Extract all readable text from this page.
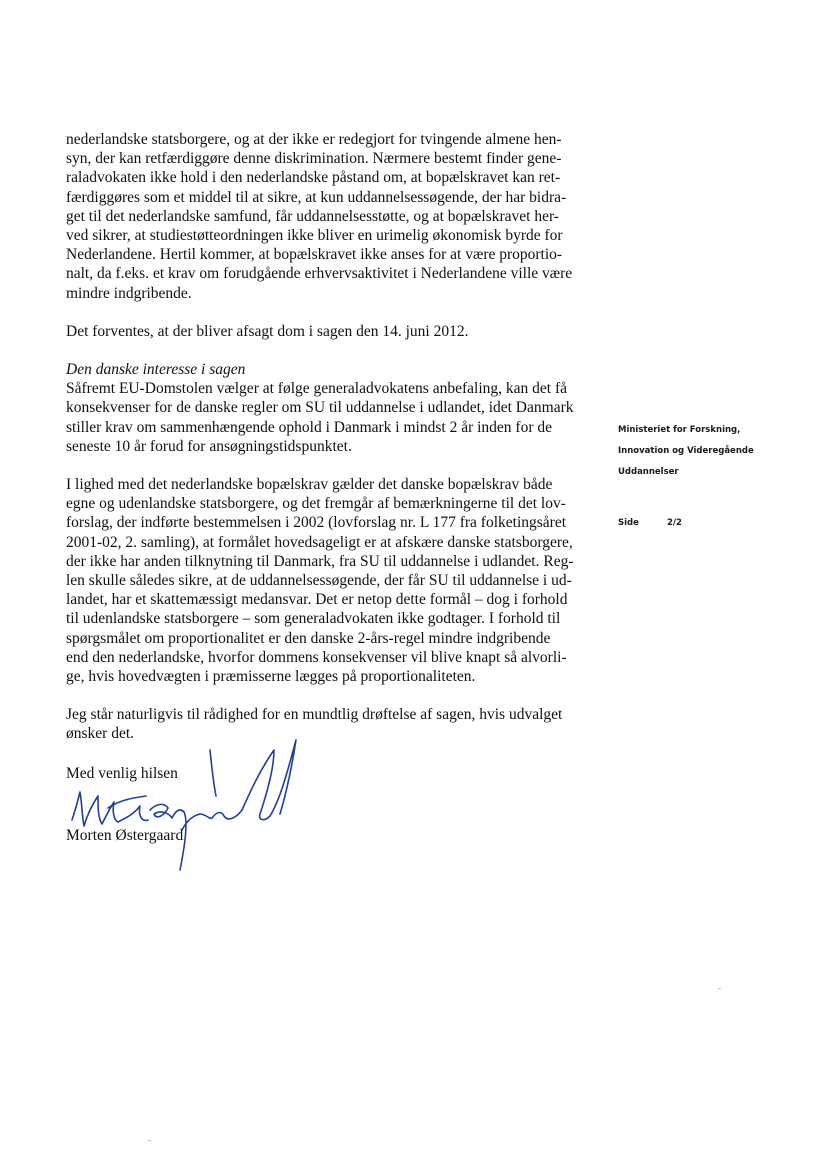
nederlandske statsborgere, og at der ikke er redegjort for tvingende almene hen-
syn, der kan retfærdiggøre denne diskrimination. Nærmere bestemt finder gene-
raladvokaten ikke hold i den nederlandske påstand om, at bopælskravet kan ret-
færdiggøres som et middel til at sikre, at kun uddannelsessøgende, der har bidra-
get til det nederlandske samfund, får uddannelsesstøtte, og at bopælskravet her-
ved sikrer, at studiestøtteordningen ikke bliver en urimelig økonomisk byrde for
Nederlandene. Hertil kommer, at bopælskravet ikke anses for at være proportio-
nalt, da f.eks. et krav om forudgående erhvervsaktivitet i Nederlandene ville være
mindre indgribende.

Det forventes, at der bliver afsagt dom i sagen den 14. juni 2012.

Den danske interesse i sagen

Såfremt EU-Domstolen vælger at følge generaladvokatens anbefaling, kan det få
konsekvenser for de danske regler om SU til uddannelse i udlandet, idet Danmark
stiller krav om sammenhængende ophold i Danmark i mindst 2 år inden for de
seneste 10 år forud for ansøgningstidspunktet.

I lighed med det nederlandske bopælskrav gælder det danske bopælskrav både
egne og udenlandske statsborgere, og det fremgår af bemærkningerne til det lov-
forslag, der indførte bestemmelsen i 2002 (lovforslag nr. L 177 fra folketingsåret
2001-02, 2. samling), at formålet hovedsageligt er at afskære danske statsborgere,
der ikke har anden tilknytning til Danmark, fra SU til uddannelse i udlandet. Reg-
len skulle således sikre, at de uddannelsessøgende, der får SU til uddannelse i ud-
landet, har et skattemæssigt medansvar. Det er netop dette formål – dog i forhold
til udenlandske statsborgere – som generaladvokaten ikke godtager. I forhold til
spørgsmålet om proportionalitet er den danske 2-års-regel mindre indgribende
end den nederlandske, hvorfor dommens konsekvenser vil blive knapt så alvorli-
ge, hvis hovedvægten i præmisserne lægges på proportionaliteten.

Jeg står naturligvis til rådighed for en mundtlig drøftelse af sagen, hvis udvalget
ønsker det.

Med venlig hilsen
Morten Østergaard
Ministeriet for Forskning,
Innovation og Videregående
Uddannelser
Side	2/2
